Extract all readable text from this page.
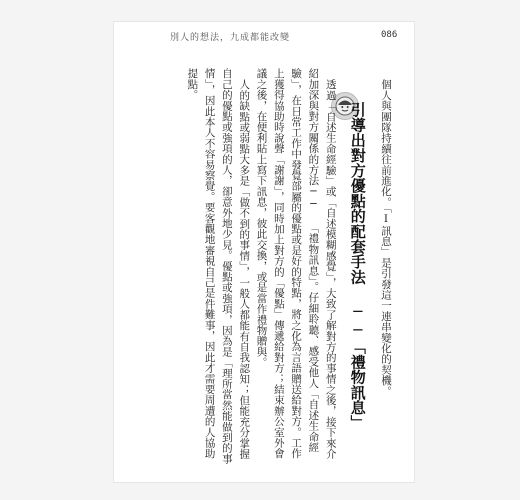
別人的想法，九成都能改變	086

個人與團隊持續往前進化。「I訊息」是引發這一連串變化的契機。

引導出對方優點的配套手法 ──「禮物訊息」

透過「自述生命經驗」或「自述模糊感覺」，大致了解對方的事情之後，接下來介紹加深與對方關係的方法── 「禮物訊息」。仔細聆聽、感受他人「自述生命經驗」，在日常工作中發覺部屬的優點或是好的特點，將之化為言語贈送給對方。工作上獲得協助時說聲「謝謝」，同時加上對方的「優點」傳遞給對方；結束辦公室外會議之後，在便利貼上寫下訊息，彼此交換，或是當作禮物贈與。

人的缺點或弱點大多是「做不到的事情」，一般人都能有自我認知；但能充分掌握自己的優點或強項的人，卻意外地少見。優點或強項，因為是「理所當然能做到的事情」，因此本人不容易察覺。要客觀地審視自己是件難事，因此才需要周遭的人協助提點。
